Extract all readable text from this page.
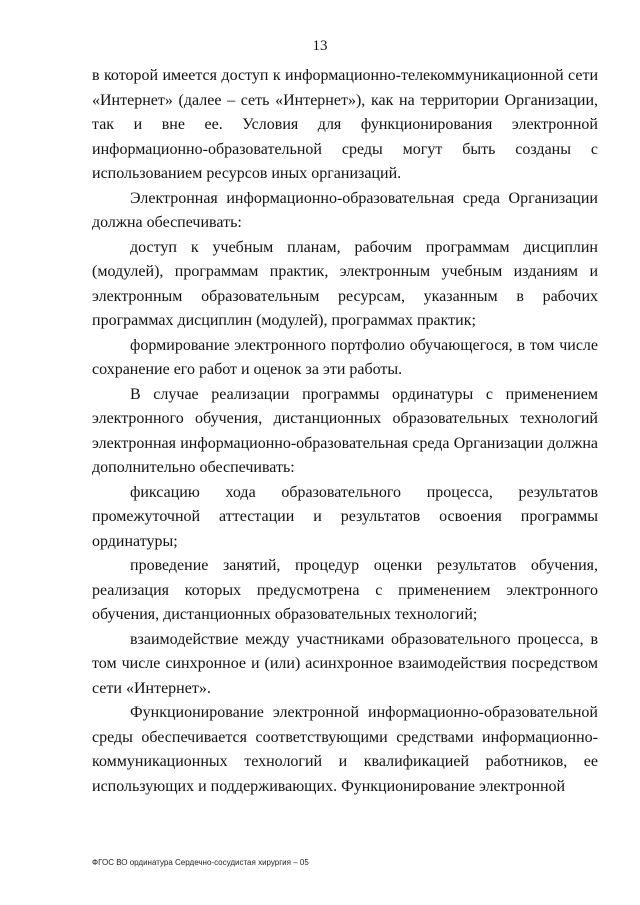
13

в которой имеется доступ к информационно-телекоммуникационной сети «Интернет» (далее – сеть «Интернет»), как на территории Организации, так и вне ее. Условия для функционирования электронной информационно-образовательной среды могут быть созданы с использованием ресурсов иных организаций.

Электронная информационно-образовательная среда Организации должна обеспечивать:

доступ к учебным планам, рабочим программам дисциплин (модулей), программам практик, электронным учебным изданиям и электронным образовательным ресурсам, указанным в рабочих программах дисциплин (модулей), программах практик;

формирование электронного портфолио обучающегося, в том числе сохранение его работ и оценок за эти работы.

В случае реализации программы ординатуры с применением электронного обучения, дистанционных образовательных технологий электронная информационно-образовательная среда Организации должна дополнительно обеспечивать:

фиксацию хода образовательного процесса, результатов промежуточной аттестации и результатов освоения программы ординатуры;

проведение занятий, процедур оценки результатов обучения, реализация которых предусмотрена с применением электронного обучения, дистанционных образовательных технологий;

взаимодействие между участниками образовательного процесса, в том числе синхронное и (или) асинхронное взаимодействия посредством сети «Интернет».

Функционирование электронной информационно-образовательной среды обеспечивается соответствующими средствами информационно-коммуникационных технологий и квалификацией работников, ее использующих и поддерживающих. Функционирование электронной

ФГОС ВО ординатура Сердечно-сосудистая хирургия – 05
